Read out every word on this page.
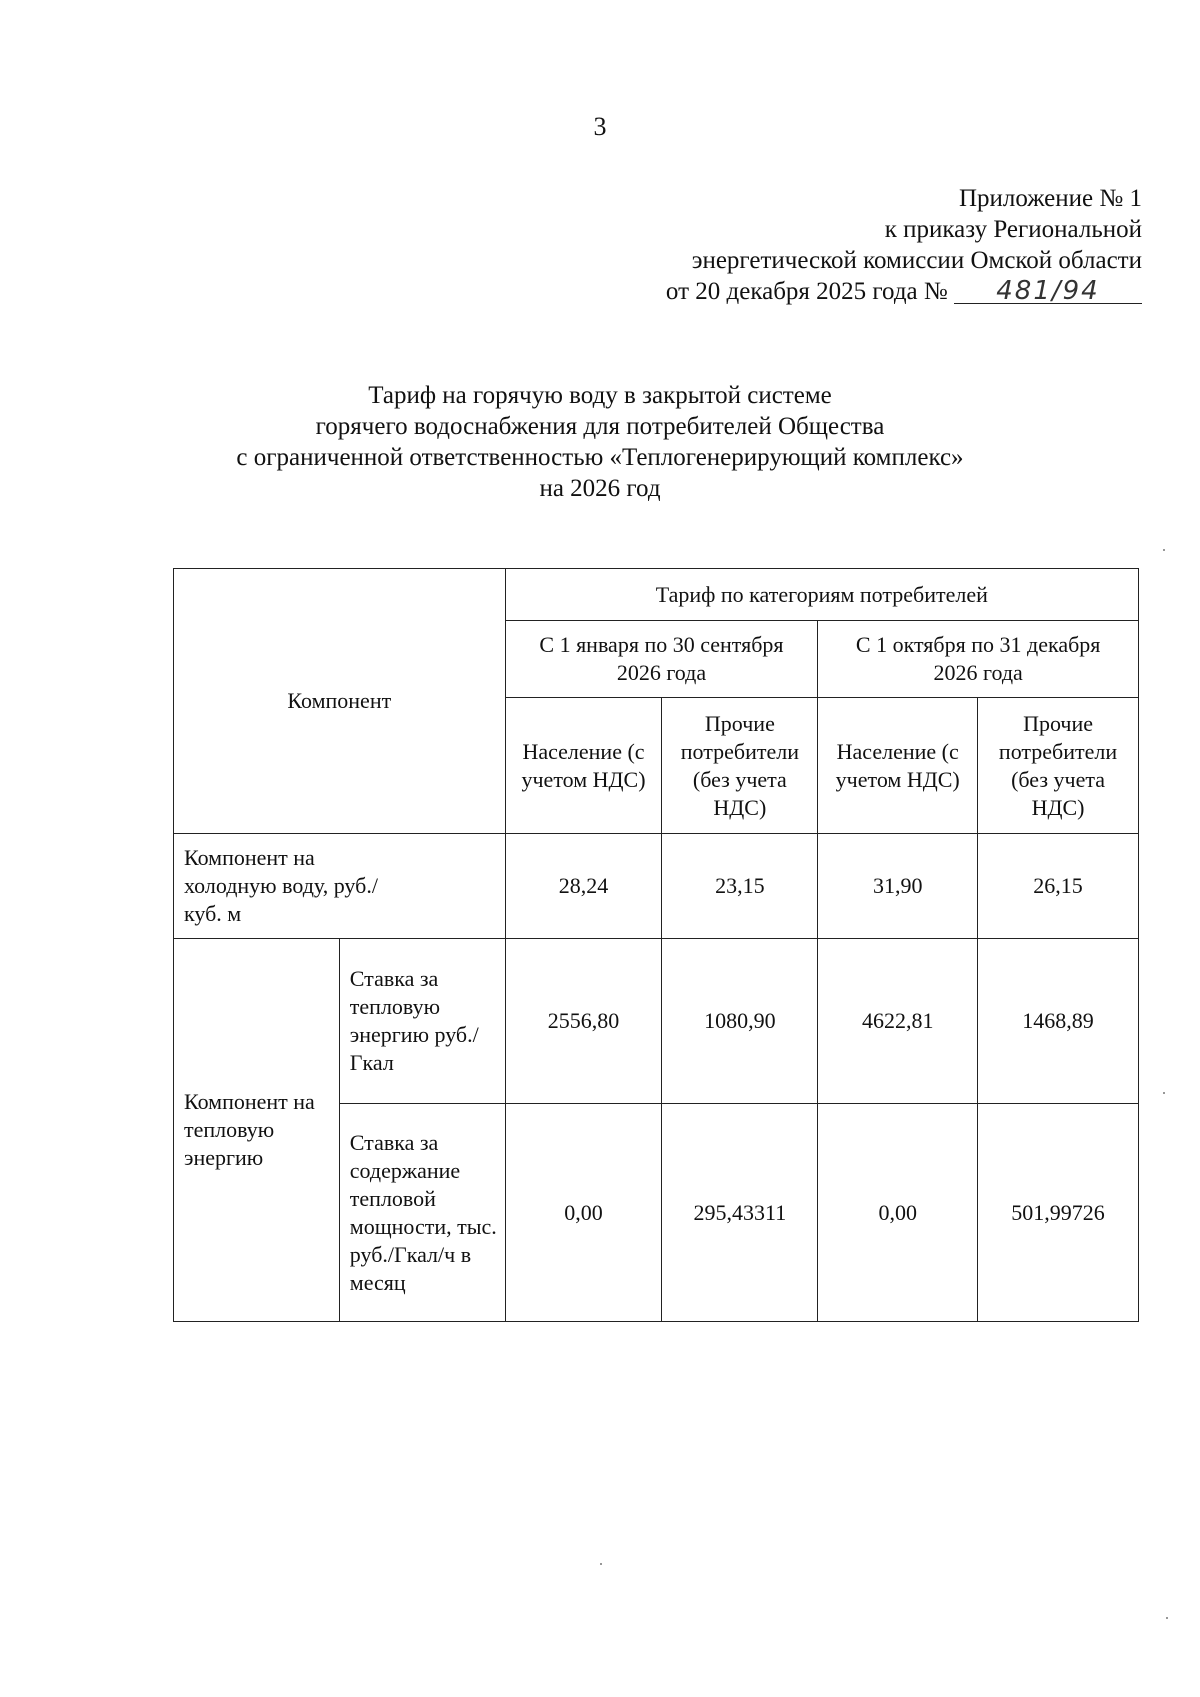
3
Приложение № 1
к приказу Региональной
энергетической комиссии Омской области
от 20 декабря 2025 года № 481/94
Тариф на горячую воду в закрытой системе
горячего водоснабжения для потребителей Общества
с ограниченной ответственностью «Теплогенерирующий комплекс»
на 2026 год
Компонент		Тариф по категориям потребителей			
		С 1 января по 30 сентября 2026 года		С 1 октября по 31 декабря 2026 года	
		Население (с учетом НДС)	Прочие потребители (без учета НДС)	Население (с учетом НДС)	Прочие потребители (без учета НДС)
Компонент на холодную воду, руб./куб. м		28,24	23,15	31,90	26,15
Компонент на тепловую энергию	Ставка за тепловую энергию руб./Гкал	2556,80	1080,90	4622,81	1468,89
	Ставка за содержание тепловой мощности, тыс. руб./Гкал/ч в месяц	0,00	295,43311	0,00	501,99726
